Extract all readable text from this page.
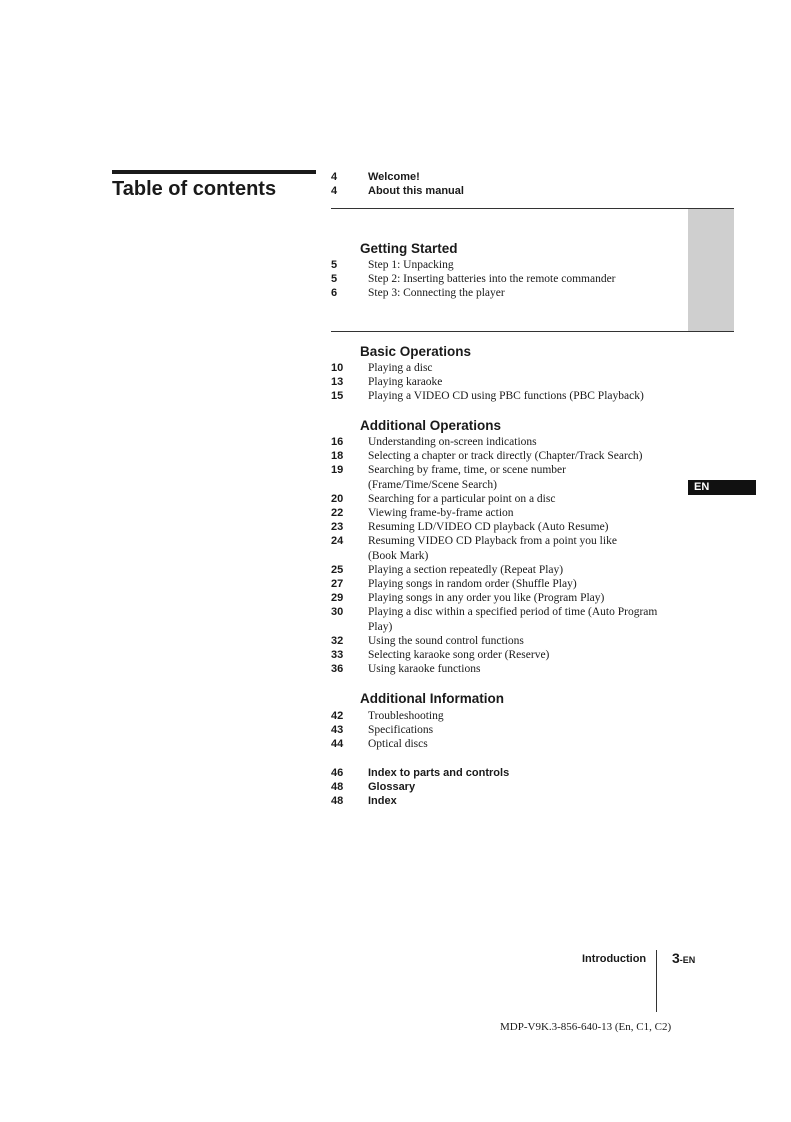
Table of contents
EN
4	Welcome!
4	About this manual
Getting Started
5	Step 1: Unpacking
5	Step 2: Inserting batteries into the remote commander
6	Step 3: Connecting the player
Basic Operations
10 Playing a disc
13 Playing karaoke
15 Playing a VIDEO CD using PBC functions (PBC Playback)
Additional Operations
16 Understanding on-screen indications
18 Selecting a chapter or track directly (Chapter/Track Search)
19 Searching by frame, time, or scene number
(Frame/Time/Scene Search)
20 Searching for a particular point on a disc
22 Viewing frame-by-frame action
23 Resuming LD/VIDEO CD playback (Auto Resume)
24 Resuming VIDEO CD Playback from a point you like
(Book Mark)
25 Playing a section repeatedly (Repeat Play)
27 Playing songs in random order (Shuffle Play)
29 Playing songs in any order you like (Program Play)
30 Playing a disc within a specified period of time (Auto Program
Play)
32 Using the sound control functions
33 Selecting karaoke song order (Reserve)
36 Using karaoke functions
Additional Information
42 Troubleshooting
43 Specifications
44 Optical discs
46 Index to parts and controls
48 Glossary
48 Index
Introduction 3-EN
MDP-V9K.3-856-640-13 (En, C1, C2)
